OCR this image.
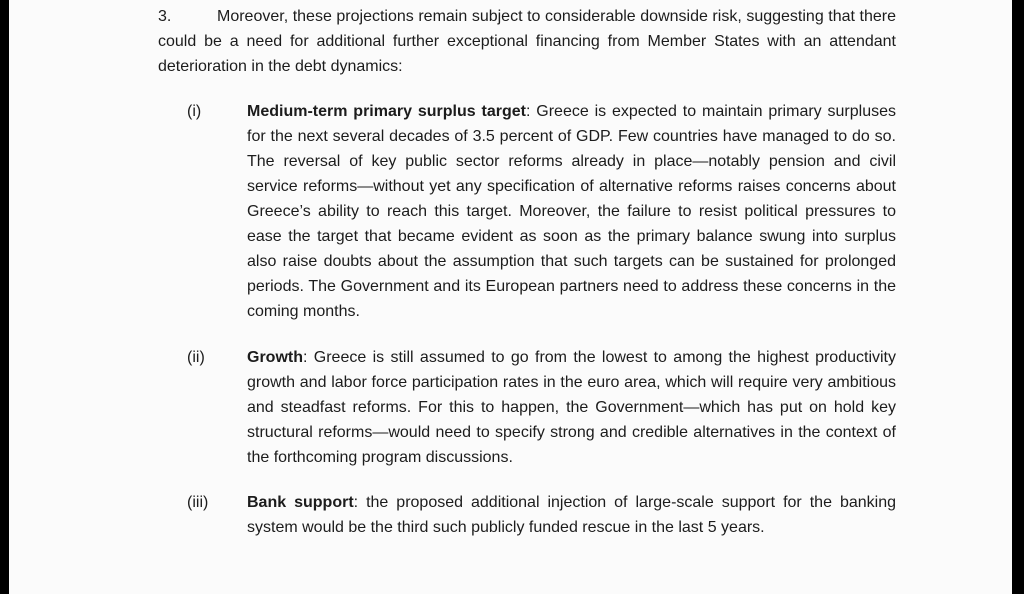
3.	Moreover, these projections remain subject to considerable downside risk, suggesting that there could be a need for additional further exceptional financing from Member States with an attendant deterioration in the debt dynamics:
(i)	Medium-term primary surplus target: Greece is expected to maintain primary surpluses for the next several decades of 3.5 percent of GDP. Few countries have managed to do so. The reversal of key public sector reforms already in place—notably pension and civil service reforms—without yet any specification of alternative reforms raises concerns about Greece’s ability to reach this target. Moreover, the failure to resist political pressures to ease the target that became evident as soon as the primary balance swung into surplus also raise doubts about the assumption that such targets can be sustained for prolonged periods. The Government and its European partners need to address these concerns in the coming months.
(ii)	Growth: Greece is still assumed to go from the lowest to among the highest productivity growth and labor force participation rates in the euro area, which will require very ambitious and steadfast reforms. For this to happen, the Government—which has put on hold key structural reforms—would need to specify strong and credible alternatives in the context of the forthcoming program discussions.
(iii) Bank support: the proposed additional injection of large-scale support for the banking system would be the third such publicly funded rescue in the last 5 years.
